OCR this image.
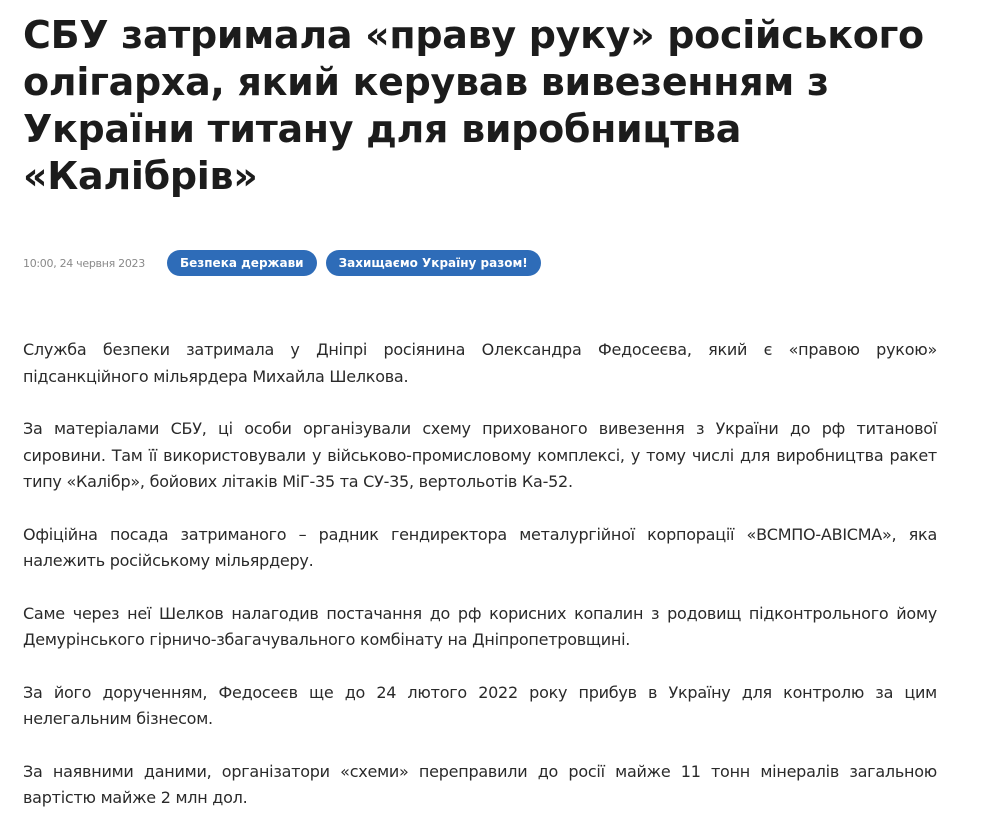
СБУ затримала «праву руку» російського олігарха, який керував вивезенням з України титану для виробництва «Калібрів»
10:00, 24 червня 2023	Безпека держави	Захищаємо Україну разом!

Служба безпеки затримала у Дніпрі росіянина Олександра Федосеєва, який є «правою рукою» підсанкційного мільярдера Михайла Шелкова.

За матеріалами СБУ, ці особи організували схему прихованого вивезення з України до рф титанової сировини. Там її використовували у військово-промисловому комплексі, у тому числі для виробництва ракет типу «Калібр», бойових літаків МіГ-35 та СУ-35, вертольотів Ка-52.

Офіційна посада затриманого – радник гендиректора металургійної корпорації «ВСМПО-АВІСМА», яка належить російському мільярдеру.

Саме через неї Шелков налагодив постачання до рф корисних копалин з родовищ підконтрольного йому Демурінського гірничо-збагачувального комбінату на Дніпропетровщині.

За його дорученням, Федосеєв ще до 24 лютого 2022 року прибув в Україну для контролю за цим нелегальним бізнесом.

За наявними даними, організатори «схеми» переправили до росії майже 11 тонн мінералів загальною вартістю майже 2 млн дол.
